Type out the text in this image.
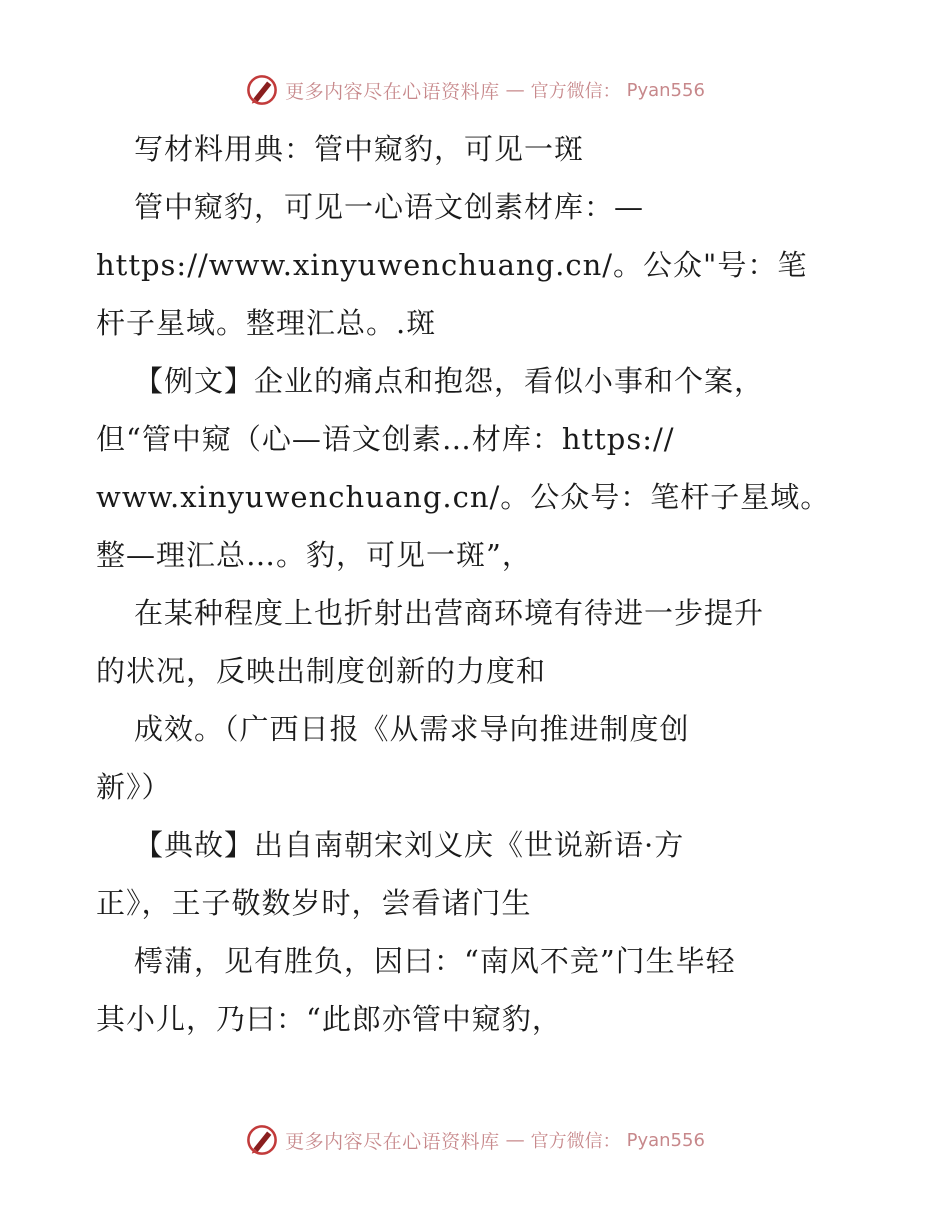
更多内容尽在心语资料库 — 官方微信： Pyan556
写材料用典：管中窥豹，可见一斑
管中窥豹，可见一心语文创素材库：—
https://www.xinyuwenchuang.cn/。公众"号：笔
杆子星域。整理汇总。.斑
【例文】企业的痛点和抱怨，看似小事和个案，
但“管中窥（心—语文创素…材库：https://
www.xinyuwenchuang.cn/。公众号：笔杆子星域。
整—理汇总…。豹，可见一斑”，
在某种程度上也折射出营商环境有待进一步提升
的状况，反映出制度创新的力度和
成效。（广西日报《从需求导向推进制度创
新》）
【典故】出自南朝宋刘义庆《世说新语·方
正》，王子敬数岁时，尝看诸门生
樗蒲，见有胜负，因曰：“南风不竞”门生毕轻
其小儿，乃曰：“此郎亦管中窥豹，
更多内容尽在心语资料库 — 官方微信： Pyan556
